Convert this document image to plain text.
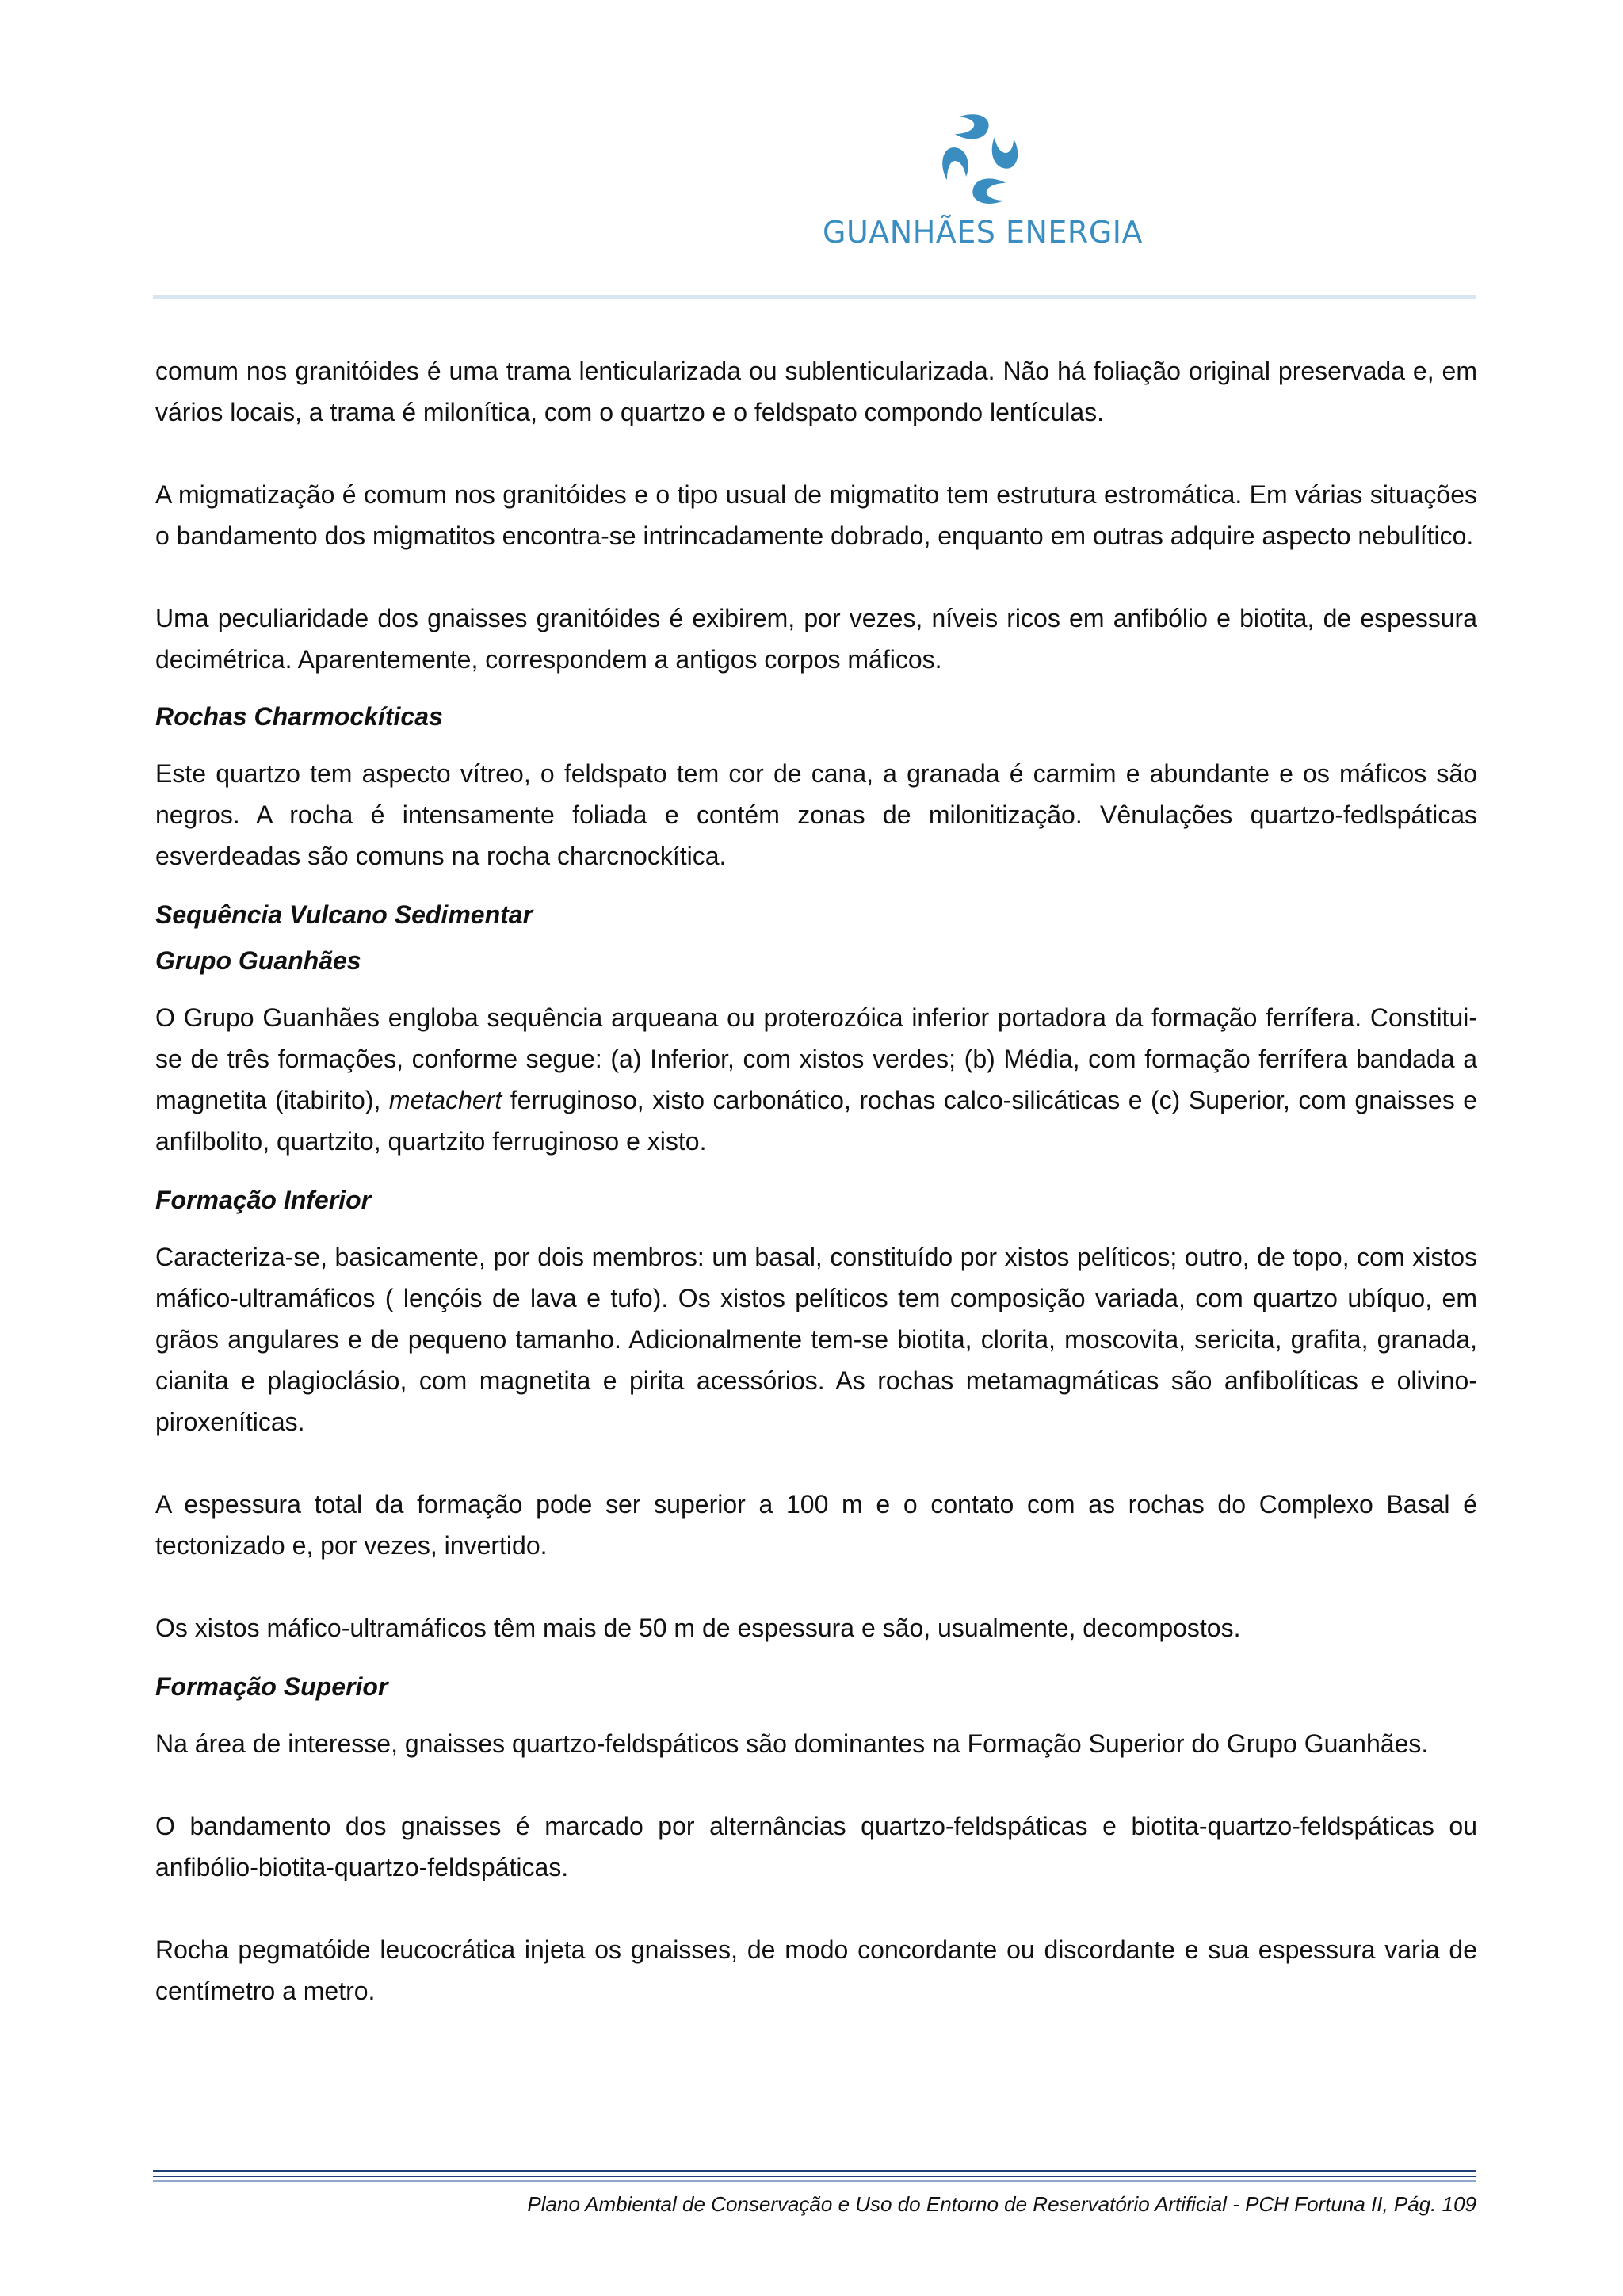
GUANHÃES ENERGIA

comum nos granitóides é uma trama lenticularizada ou sublenticularizada. Não há foliação original preservada e, em vários locais, a trama é milonítica, com o quartzo e o feldspato compondo lentículas.

A migmatização é comum nos granitóides e o tipo usual de migmatito tem estrutura estromática. Em várias situações o bandamento dos migmatitos encontra-se intrincadamente dobrado, enquanto em outras adquire aspecto nebulítico.

Uma peculiaridade dos gnaisses granitóides é exibirem, por vezes, níveis ricos em anfibólio e biotita, de espessura decimétrica. Aparentemente, correspondem a antigos corpos máficos.

Rochas Charmockíticas

Este quartzo tem aspecto vítreo, o feldspato tem cor de cana, a granada é carmim e abundante e os máficos são negros. A rocha é intensamente foliada e contém zonas de milonitização. Vênulações quartzo-fedlspáticas esverdeadas são comuns na rocha charcnockítica.

Sequência Vulcano Sedimentar
Grupo Guanhães

O Grupo Guanhães engloba sequência arqueana ou proterozóica inferior portadora da formação ferrífera. Constitui-se de três formações, conforme segue: (a) Inferior, com xistos verdes; (b) Média, com formação ferrífera bandada a magnetita (itabirito), metachert ferruginoso, xisto carbonático, rochas calco-silicáticas e (c) Superior, com gnaisses e anfilbolito, quartzito, quartzito ferruginoso e xisto.

Formação Inferior

Caracteriza-se, basicamente, por dois membros: um basal, constituído por xistos pelíticos; outro, de topo, com xistos máfico-ultramáficos ( lençóis de lava e tufo). Os xistos pelíticos tem composição variada, com quartzo ubíquo, em grãos angulares e de pequeno tamanho. Adicionalmente tem-se biotita, clorita, moscovita, sericita, grafita, granada, cianita e plagioclásio, com magnetita e pirita acessórios. As rochas metamagmáticas são anfibolíticas e olivino-piroxeníticas.

A espessura total da formação pode ser superior a 100 m e o contato com as rochas do Complexo Basal é tectonizado e, por vezes, invertido.

Os xistos máfico-ultramáficos têm mais de 50 m de espessura e são, usualmente, decompostos.

Formação Superior

Na área de interesse, gnaisses quartzo-feldspáticos são dominantes na Formação Superior do Grupo Guanhães.

O bandamento dos gnaisses é marcado por alternâncias quartzo-feldspáticas e biotita-quartzo-feldspáticas ou anfibólio-biotita-quartzo-feldspáticas.

Rocha pegmatóide leucocrática injeta os gnaisses, de modo concordante ou discordante e sua espessura varia de centímetro a metro.

Plano Ambiental de Conservação e Uso do Entorno de Reservatório Artificial - PCH Fortuna II, Pág. 109
